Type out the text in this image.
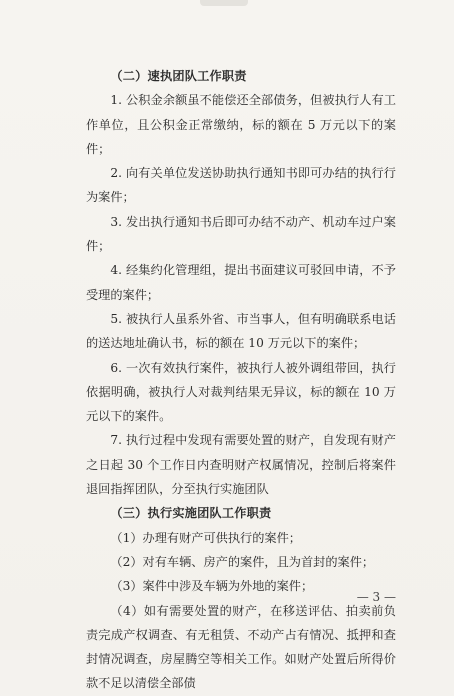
（二）速执团队工作职责

1. 公积金余额虽不能偿还全部债务，但被执行人有工作单位，且公积金正常缴纳，标的额在 5 万元以下的案件；

2. 向有关单位发送协助执行通知书即可办结的执行行为案件；

3. 发出执行通知书后即可办结不动产、机动车过户案件；

4. 经集约化管理组，提出书面建议可驳回申请，不予受理的案件；

5. 被执行人虽系外省、市当事人，但有明确联系电话的送达地址确认书，标的额在 10 万元以下的案件；

6. 一次有效执行案件，被执行人被外调组带回，执行依据明确，被执行人对裁判结果无异议，标的额在 10 万元以下的案件。

7. 执行过程中发现有需要处置的财产，自发现有财产之日起 30 个工作日内查明财产权属情况，控制后将案件退回指挥团队，分至执行实施团队

（三）执行实施团队工作职责

（1）办理有财产可供执行的案件；

（2）对有车辆、房产的案件，且为首封的案件；

（3）案件中涉及车辆为外地的案件；

（4）如有需要处置的财产，在移送评估、拍卖前负责完成产权调查、有无租赁、不动产占有情况、抵押和查封情况调查，房屋腾空等相关工作。如财产处置后所得价款不足以清偿全部债

— 3 —
